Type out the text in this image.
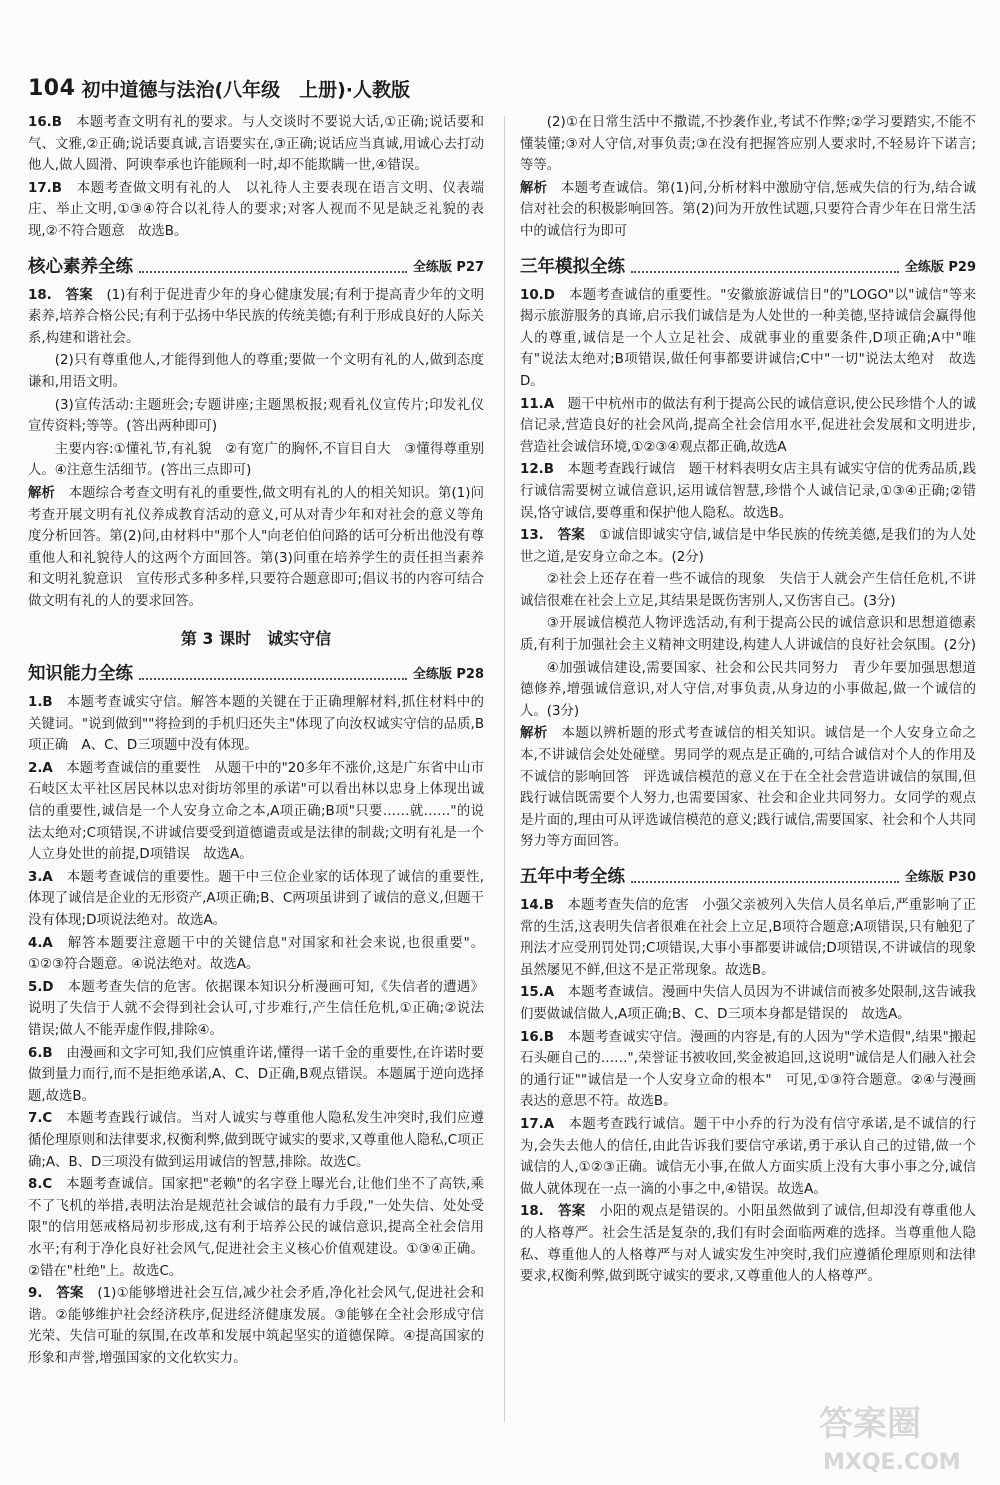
104 初中道德与法治(八年级　上册)·人教版

16.B　 本题考查文明有礼的要求。与人交谈时不要说大话,①正确;说话要和气、文雅,②正确;说话要真诚,言语要实在,③正确;说话应当真诚,用诚心去打动他人,做人圆滑、阿谀奉承也许能顾利一时,却不能欺瞒一世,④错误。

17.B　 本题考查做文明有礼的人　以礼待人主要表现在语言文明、仪表端庄、举止文明,①③④符合以礼待人的要求;对客人视而不见是缺乏礼貌的表现,②不符合题意　故选B。

核心素养全练	全练版 P27

18.　 答案　 (1)有利于促进青少年的身心健康发展;有利于提高青少年的文明素养,培养合格公民;有利于弘扬中华民族的传统美德;有利于形成良好的人际关系,构建和谐社会。

(2)只有尊重他人,才能得到他人的尊重;要做一个文明有礼的人,做到态度谦和,用语文明。

(3)宣传活动:主题班会;专题讲座;主题黑板报;观看礼仪宣传片;印发礼仪宣传资料;等等。(答出两种即可)

主要内容:①懂礼节,有礼貌　②有宽广的胸怀,不盲目自大　③懂得尊重别人。④注意生活细节。(答出三点即可)

解析　 本题综合考查文明有礼的重要性,做文明有礼的人的相关知识。第(1)问考查开展文明有礼仪养成教育活动的意义,可从对青少年和对社会的意义等角度分析回答。第(2)问,由材料中"那个人"向老伯伯问路的话可分析出他没有尊重他人和礼貌待人的这两个方面回答。第(3)问重在培养学生的责任担当素养和文明礼貌意识　宣传形式多种多样,只要符合题意即可;倡议书的内容可结合做文明有礼的人的要求回答。

第 3 课时　诚实守信
知识能力全练	全练版 P28

1.B　 本题考查诚实守信。解答本题的关键在于正确理解材料,抓住材料中的关键词。"说到做到""将捡到的手机归还失主"体现了向汝权诚实守信的品质,B项正确　A、C、D三项题中没有体现。

2.A　 本题考查诚信的重要性　从题干中的"20多年不涨价,这是广东省中山市石岐区太平社区居民林以忠对街坊邻里的承诺"可以看出林以忠身上体现出诚信的重要性,诚信是一个人安身立命之本,A项正确;B项"只要……就……"的说法太绝对;C项错误,不讲诚信要受到道德谴责或是法律的制裁;文明有礼是一个人立身处世的前提,D项错误　故选A。

3.A　 本题考查诚信的重要性。题干中三位企业家的话体现了诚信的重要性,体现了诚信是企业的无形资产,A项正确;B、C两项虽讲到了诚信的意义,但题干没有体现;D项说法绝对。故选A。

4.A　 解答本题要注意题干中的关键信息"对国家和社会来说,也很重要"。①②③符合题意。④说法绝对。故选A。

5.D　 本题考查失信的危害。依据课本知识分析漫画可知,《失信者的遭遇》说明了失信于人就不会得到社会认可,寸步难行,产生信任危机,①正确;②说法错误;做人不能弄虚作假,排除④。

6.B　 由漫画和文字可知,我们应慎重许诺,懂得一诺千金的重要性,在许诺时要做到量力而行,而不是拒绝承诺,A、C、D正确,B观点错误。本题属于逆向选择题,故选B。

7.C　 本题考查践行诚信。当对人诚实与尊重他人隐私发生冲突时,我们应遵循伦理原则和法律要求,权衡利弊,做到既守诚实的要求,又尊重他人隐私,C项正确;A、B、D三项没有做到运用诚信的智慧,排除。故选C。

8.C　 本题考查诚信。国家把"老赖"的名字登上曝光台,让他们坐不了高铁,乘不了飞机的举措,表明法治是规范社会诚信的最有力手段,"一处失信、处处受限"的信用惩戒格局初步形成,这有利于培养公民的诚信意识,提高全社会信用水平;有利于净化良好社会风气,促进社会主义核心价值观建设。①③④正确。②错在"杜绝"上。故选C。

9.　 答案　 (1)①能够增进社会互信,减少社会矛盾,净化社会风气,促进社会和谐。②能够维护社会经济秩序,促进经济健康发展。③能够在全社会形成守信光荣、失信可耻的氛围,在改革和发展中筑起坚实的道德保障。④提高国家的形象和声誉,增强国家的文化软实力。

(2)①在日常生活中不撒谎,不抄袭作业,考试不作弊;②学习要踏实,不能不懂装懂;③对人守信,对事负责;③在没有把握答应别人要求时,不轻易许下诺言;等等。

解析　 本题考查诚信。第(1)问,分析材料中激励守信,惩戒失信的行为,结合诚信对社会的积极影响回答。第(2)问为开放性试题,只要符合青少年在日常生活中的诚信行为即可

三年模拟全练	全练版 P29

10.D　 本题考查诚信的重要性。"安徽旅游诚信日"的"LOGO"以"诚信"等来揭示旅游服务的真谛,启示我们诚信是为人处世的一种美德,坚持诚信会赢得他人的尊重,诚信是一个人立足社会、成就事业的重要条件,D项正确;A中"唯有"说法太绝对;B项错误,做任何事都要讲诚信;C中"一切"说法太绝对　故选D。

11.A　 题干中杭州市的做法有利于提高公民的诚信意识,使公民珍惜个人的诚信记录,营造良好的社会风尚,提高全社会信用水平,促进社会发展和文明进步,营造社会诚信环境,①②③④观点都正确,故选A

12.B　 本题考查践行诚信　题干材料表明女店主具有诚实守信的优秀品质,践行诚信需要树立诚信意识,运用诚信智慧,珍惜个人诚信记录,①③④正确;②错误,恪守诚信,要尊重和保护他人隐私。故选B。

13.　 答案　 ①诚信即诚实守信,诚信是中华民族的传统美德,是我们的为人处世之道,是安身立命之本。(2分)

②社会上还存在着一些不诚信的现象　失信于人就会产生信任危机,不讲诚信很难在社会上立足,其结果是既伤害别人,又伤害自己。(3分)

③开展诚信模范人物评选活动,有利于提高公民的诚信意识和思想道德素质,有利于加强社会主义精神文明建设,构建人人讲诚信的良好社会氛围。(2分)

④加强诚信建设,需要国家、社会和公民共同努力　青少年要加强思想道德修养,增强诚信意识,对人守信,对事负责,从身边的小事做起,做一个诚信的人。(3分)

解析　 本题以辨析题的形式考查诚信的相关知识。诚信是一个人安身立命之本,不讲诚信会处处碰壁。男同学的观点是正确的,可结合诚信对个人的作用及不诚信的影响回答　评选诚信模范的意义在于在全社会营造讲诚信的氛围,但践行诚信既需要个人努力,也需要国家、社会和企业共同努力。女同学的观点是片面的,理由可从评选诚信模范的意义;践行诚信,需要国家、社会和个人共同努力等方面回答。

五年中考全练	全练版 P30

14.B　 本题考查失信的危害　小强父亲被列入失信人员名单后,严重影响了正常的生活,这表明失信者很难在社会上立足,B项符合题意;A项错误,只有触犯了刑法才应受刑罚处罚;C项错误,大事小事都要讲诚信;D项错误,不讲诚信的现象虽然屡见不鲜,但这不是正常现象。故选B。

15.A　 本题考查诚信。漫画中失信人员因为不讲诚信而被多处限制,这告诫我们要做诚信做人,A项正确;B、C、D三项本身都是错误的　故选A。

16.B　 本题考查诚实守信。漫画的内容是,有的人因为"学术造假",结果"搬起石头砸自己的……",荣誉证书被收回,奖金被追回,这说明"诚信是人们融入社会的通行证""诚信是一个人安身立命的根本"　可见,①③符合题意。②④与漫画表达的意思不符。故选B。

17.A　 本题考查践行诚信。题干中小乔的行为没有信守承诺,是不诚信的行为,会失去他人的信任,由此告诉我们要信守承诺,勇于承认自己的过错,做一个诚信的人,①②③正确。诚信无小事,在做人方面实质上没有大事小事之分,诚信做人就体现在一点一滴的小事之中,④错误。故选A。

18.　 答案　 小阳的观点是错误的。小阳虽然做到了诚信,但却没有尊重他人的人格尊严。社会生活是复杂的,我们有时会面临两难的选择。当尊重他人隐私、尊重他人的人格尊严与对人诚实发生冲突时,我们应遵循伦理原则和法律要求,权衡利弊,做到既守诚实的要求,又尊重他人的人格尊严。

答案圈
MXQE.COM
